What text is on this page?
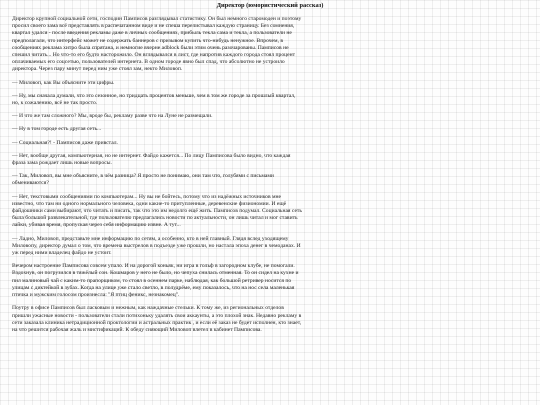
Директор (юмористический рассказ)

Директор крупной социальной сети, господин Памписов разглядывал статистику. Он был немного старомоден и поэтому просил своего зама всё представлять в распечатанном виде и не спеша перелистывал каждую страницу. Без сомнения, квартал удался - после введения рекламы даже в личных сообщениях, прибыль текла сама и текла, а пользователи не предполагали, что интерфейс может не содержать баннеров с призывом купить что-нибудь ненужное. Впрочем, в сообщениях реклама хитро была спрятана, и немногие вчерне adblock были этим очень разочарованы. Памписов не спешил читать... Но что-то его будто насторожило. Он вглядывался в лист, где напротив каждого города стоял процент оплачиваемых его соцсетью, пользователей интернета. В одном городе явно был спад, что абсолютно не устроило директора. Через пару минут перед ним уже стоял зам, некто Миловоп.

— Миловоп, как Вы объясните эти цифры.

— Ну, мы сначала думали, что это сезонное, но тридцать процентов меньше, чем в том же городе за прошлый квартал, но, к сожалению, всё не так просто.

— И что же там сложного? Мы, вроде бы, рекламу разве что на Луне не размещали.

— Ну в том городе есть другая сеть...

— Социальная?! - Памписов даже привстал.

— Нет, вообще другая, компьютерная, но не интернет. Файдо кажется... По лицу Памписова было видно, что каждая фраза зама рождает лишь новые вопросы.

— Так, Миловоп, вы мне объясните, в чём разница? Я просто не понимаю, они там что, голубями с письмами обмениваются?

— Нет, текстовыми сообщениями по компьютерам... Ну вы не бойтесь, потому что из надёжных источников мне известно, что там ни одного нормального человека, одни какие-то притупленные, деревенские физиономии. И ещё файдошники сами выбирают, что читать и писать, так что это им недолго ещё жить. Памписов подумал. Социальная сеть была большой развлекательной, где пользователю предлагались новости по актуальности, он лишь читал и мог ставить лайки, убивая время, пропуская через себя информацию извне. А тут...

— Ладно, Миловоп, представьте мне информацию по сетям, а особенно, кто в ней главный. Глядя вслед уходящему Миловопу, директор думал о том, что времена выстрелов в подъезде уже прошли, но настала эпоха денег в чемоданах. И уж перед ними владелец файдо не устоит.

Вечером настроение Памписова совсем упало. И на дорогой коньяк, ни игра в гольф в загородном клубе, не помогали. Вздохнув, он погрузился в тяжёлый сон. Кошмаров у него не было, но чепуха снилась отменная. То он сидел на кухне и пил малиновый чай с каким-то прапорщиком, то стоял в осеннем парке, наблюдая, как большой ретривер носится по улицам с диктейкой в зубах. Когда на улице уже стало светло, в полудрёме, ему показалось, что на нос села маленькая птичка и мужским голосом произнесла: "Я птиц феникс, незнакомец".

Поутру в офисе Памписов был ласковым и нежным, как наждачные стельки. К тому же, из региональных отделов пришли ужасные новости - пользователи стали потихоньку удалять свои аккаунты, а это плохой знак. Недавно рекламу в сети заказала клиника нетрадиционной проктологии и астральных практик , и если её заказ не будет исполнен, кто знает, на что решится рабочая жаль и мистификаций. К обеду сияющий Миловоп влетел в кабинет Памписова.
